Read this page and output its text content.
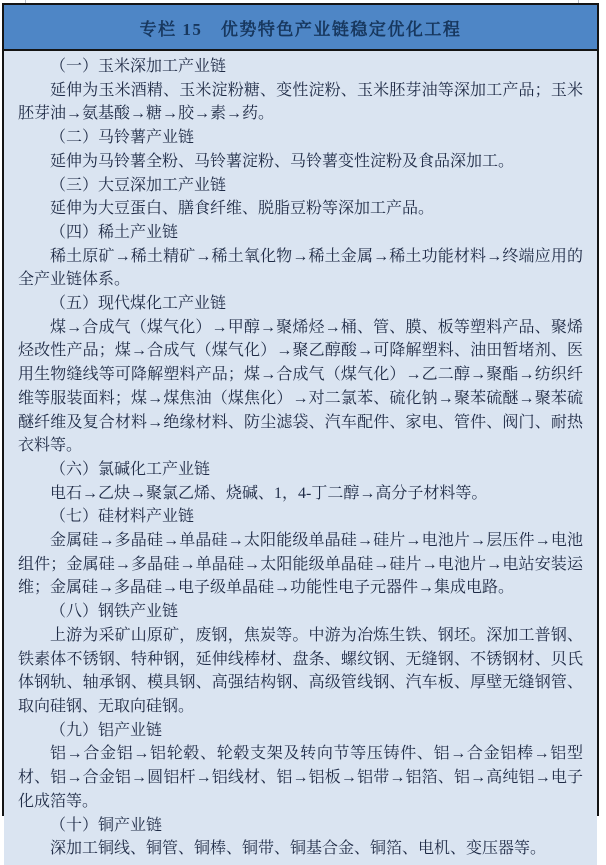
专栏 15　优势特色产业链稳定优化工程

（一）玉米深加工产业链

延伸为玉米酒精、玉米淀粉糖、变性淀粉、玉米胚芽油等深加工产品；玉米胚芽油→氨基酸→糖→胶→素→药。

（二）马铃薯产业链

延伸为马铃薯全粉、马铃薯淀粉、马铃薯变性淀粉及食品深加工。

（三）大豆深加工产业链

延伸为大豆蛋白、膳食纤维、脱脂豆粉等深加工产品。

（四）稀土产业链

稀土原矿→稀土精矿→稀土氧化物→稀土金属→稀土功能材料→终端应用的全产业链体系。

（五）现代煤化工产业链

煤→合成气（煤气化）→甲醇→聚烯烃→桶、管、膜、板等塑料产品、聚烯烃改性产品；煤→合成气（煤气化）→聚乙醇酸→可降解塑料、油田暂堵剂、医用生物缝线等可降解塑料产品；煤→合成气（煤气化）→乙二醇→聚酯→纺织纤维等服装面料；煤→煤焦油（煤焦化）→对二氯苯、硫化钠→聚苯硫醚→聚苯硫醚纤维及复合材料→绝缘材料、防尘滤袋、汽车配件、家电、管件、阀门、耐热衣料等。

（六）氯碱化工产业链

电石→乙炔→聚氯乙烯、烧碱、1，4-丁二醇→高分子材料等。

（七）硅材料产业链

金属硅→多晶硅→单晶硅→太阳能级单晶硅→硅片→电池片→层压件→电池组件；金属硅→多晶硅→单晶硅→太阳能级单晶硅→硅片→电池片→电站安装运维；金属硅→多晶硅→电子级单晶硅→功能性电子元器件→集成电路。

（八）钢铁产业链

上游为采矿山原矿，废钢，焦炭等。中游为冶炼生铁、钢坯。深加工普钢、铁素体不锈钢、特种钢，延伸线棒材、盘条、螺纹钢、无缝钢、不锈钢材、贝氏体钢轨、轴承钢、模具钢、高强结构钢、高级管线钢、汽车板、厚壁无缝钢管、取向硅钢、无取向硅钢。

（九）铝产业链

铝→合金铝→铝轮毂、轮毂支架及转向节等压铸件、铝→合金铝棒→铝型材、铝→合金铝→圆铝杆→铝线材、铝→铝板→铝带→铝箔、铝→高纯铝→电子化成箔等。

（十）铜产业链

深加工铜线、铜管、铜棒、铜带、铜基合金、铜箔、电机、变压器等。
